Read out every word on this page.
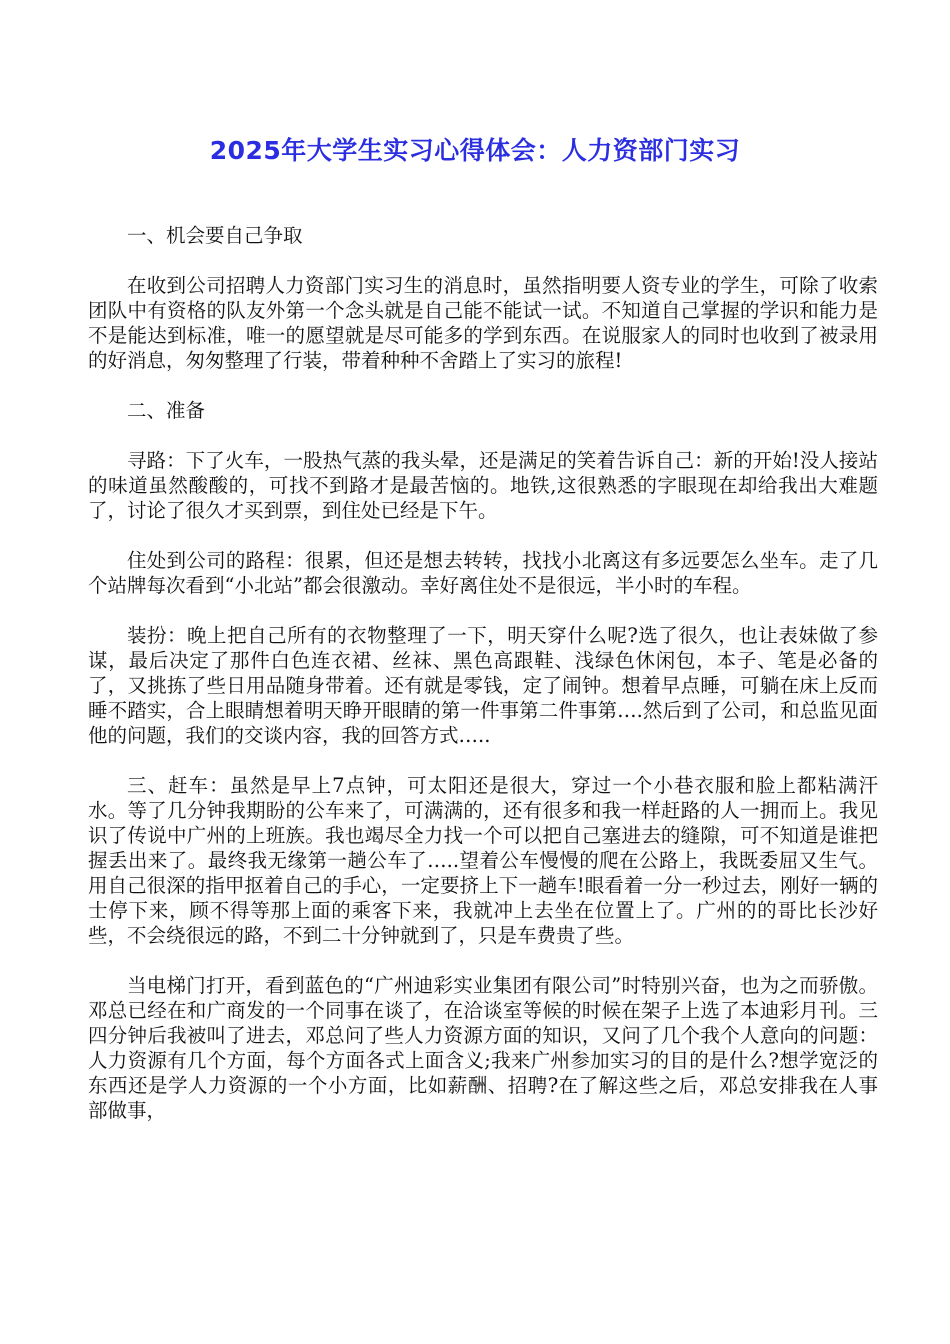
2025年大学生实习心得体会：人力资部门实习

一、机会要自己争取

在收到公司招聘人力资部门实习生的消息时，虽然指明要人资专业的学生，可除了收索团队中有资格的队友外第一个念头就是自己能不能试一试。不知道自己掌握的学识和能力是不是能达到标准，唯一的愿望就是尽可能多的学到东西。在说服家人的同时也收到了被录用的好消息，匆匆整理了行装，带着种种不舍踏上了实习的旅程!

二、准备

寻路：下了火车，一股热气蒸的我头晕，还是满足的笑着告诉自己：新的开始!没人接站的味道虽然酸酸的，可找不到路才是最苦恼的。地铁,这很熟悉的字眼现在却给我出大难题了，讨论了很久才买到票，到住处已经是下午。

住处到公司的路程：很累，但还是想去转转，找找小北离这有多远要怎么坐车。走了几个站牌每次看到“小北站”都会很激动。幸好离住处不是很远，半小时的车程。

装扮：晚上把自己所有的衣物整理了一下，明天穿什么呢?选了很久，也让表妹做了参谋，最后决定了那件白色连衣裙、丝袜、黑色高跟鞋、浅绿色休闲包，本子、笔是必备的了，又挑拣了些日用品随身带着。还有就是零钱，定了闹钟。想着早点睡，可躺在床上反而睡不踏实，合上眼睛想着明天睁开眼睛的第一件事第二件事第….然后到了公司，和总监见面他的问题，我们的交谈内容，我的回答方式…..

三、赶车：虽然是早上7点钟，可太阳还是很大，穿过一个小巷衣服和脸上都粘满汗水。等了几分钟我期盼的公车来了，可满满的，还有很多和我一样赶路的人一拥而上。我见识了传说中广州的上班族。我也竭尽全力找一个可以把自己塞进去的缝隙，可不知道是谁把握丢出来了。最终我无缘第一趟公车了…..望着公车慢慢的爬在公路上，我既委屈又生气。用自己很深的指甲抠着自己的手心，一定要挤上下一趟车!眼看着一分一秒过去，刚好一辆的士停下来，顾不得等那上面的乘客下来，我就冲上去坐在位置上了。广州的的哥比长沙好些，不会绕很远的路，不到二十分钟就到了，只是车费贵了些。

当电梯门打开，看到蓝色的“广州迪彩实业集团有限公司”时特别兴奋，也为之而骄傲。邓总已经在和广商发的一个同事在谈了，在洽谈室等候的时候在架子上选了本迪彩月刊。三四分钟后我被叫了进去，邓总问了些人力资源方面的知识，又问了几个我个人意向的问题：人力资源有几个方面，每个方面各式上面含义;我来广州参加实习的目的是什么?想学宽泛的东西还是学人力资源的一个小方面，比如薪酬、招聘?在了解这些之后，邓总安排我在人事部做事，
